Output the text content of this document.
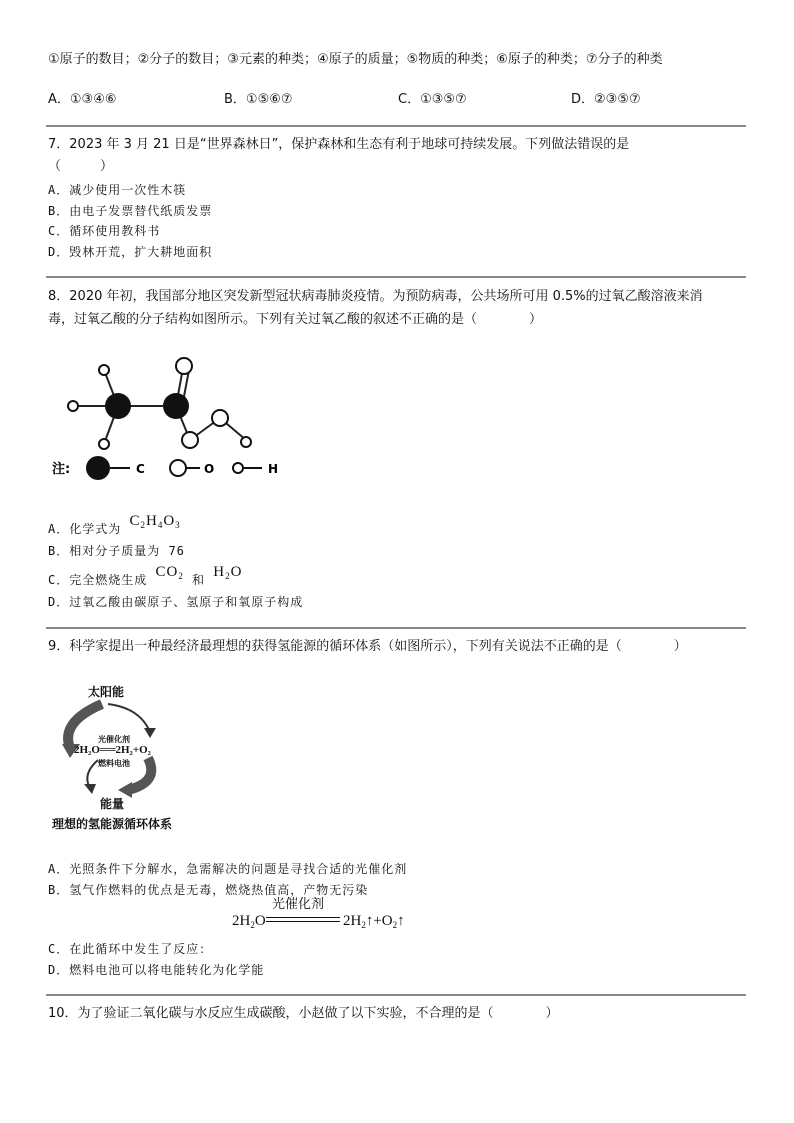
①原子的数目；②分子的数目；③元素的种类；④原子的质量；⑤物质的种类；⑥原子的种类；⑦分子的种类
A．①③④⑥	B．①⑤⑥⑦	C．①③⑤⑦	D．②③⑤⑦
7．2023 年 3 月 21 日是“世界森林日”，保护森林和生态有利于地球可持续发展。下列做法错误的是
（　　　）
A．减少使用一次性木筷
B．由电子发票替代纸质发票
C．循环使用教科书
D．毁林开荒，扩大耕地面积
8．2020 年初，我国部分地区突发新型冠状病毒肺炎疫情。为预防病毒，公共场所可用 0.5%的过氧乙酸溶液来消
毒，过氧乙酸的分子结构如图所示。下列有关过氧乙酸的叙述不正确的是（　　　　）
注:	C	O	H
A．化学式为 $C_2H_4O_3$
B．相对分子质量为 76
C．完全燃烧生成 $CO_2$ 和 $H_2O$
D．过氧乙酸由碳原子、氢原子和氧原子构成
9．科学家提出一种最经济最理想的获得氢能源的循环体系（如图所示），下列有关说法不正确的是（　　　　）
太阳能
光催化剂
2H₂O══2H₂+O₂
燃料电池
能量
理想的氢能源循环体系
A．光照条件下分解水，急需解决的问题是寻找合适的光催化剂
B．氢气作燃料的优点是无毒，燃烧热值高，产物无污染
$2H_2O$
光催化剂
$2H_2↑+O_2↑$
C．在此循环中发生了反应：
D．燃料电池可以将电能转化为化学能
10．为了验证二氧化碳与水反应生成碳酸，小赵做了以下实验，不合理的是（　　　　）
